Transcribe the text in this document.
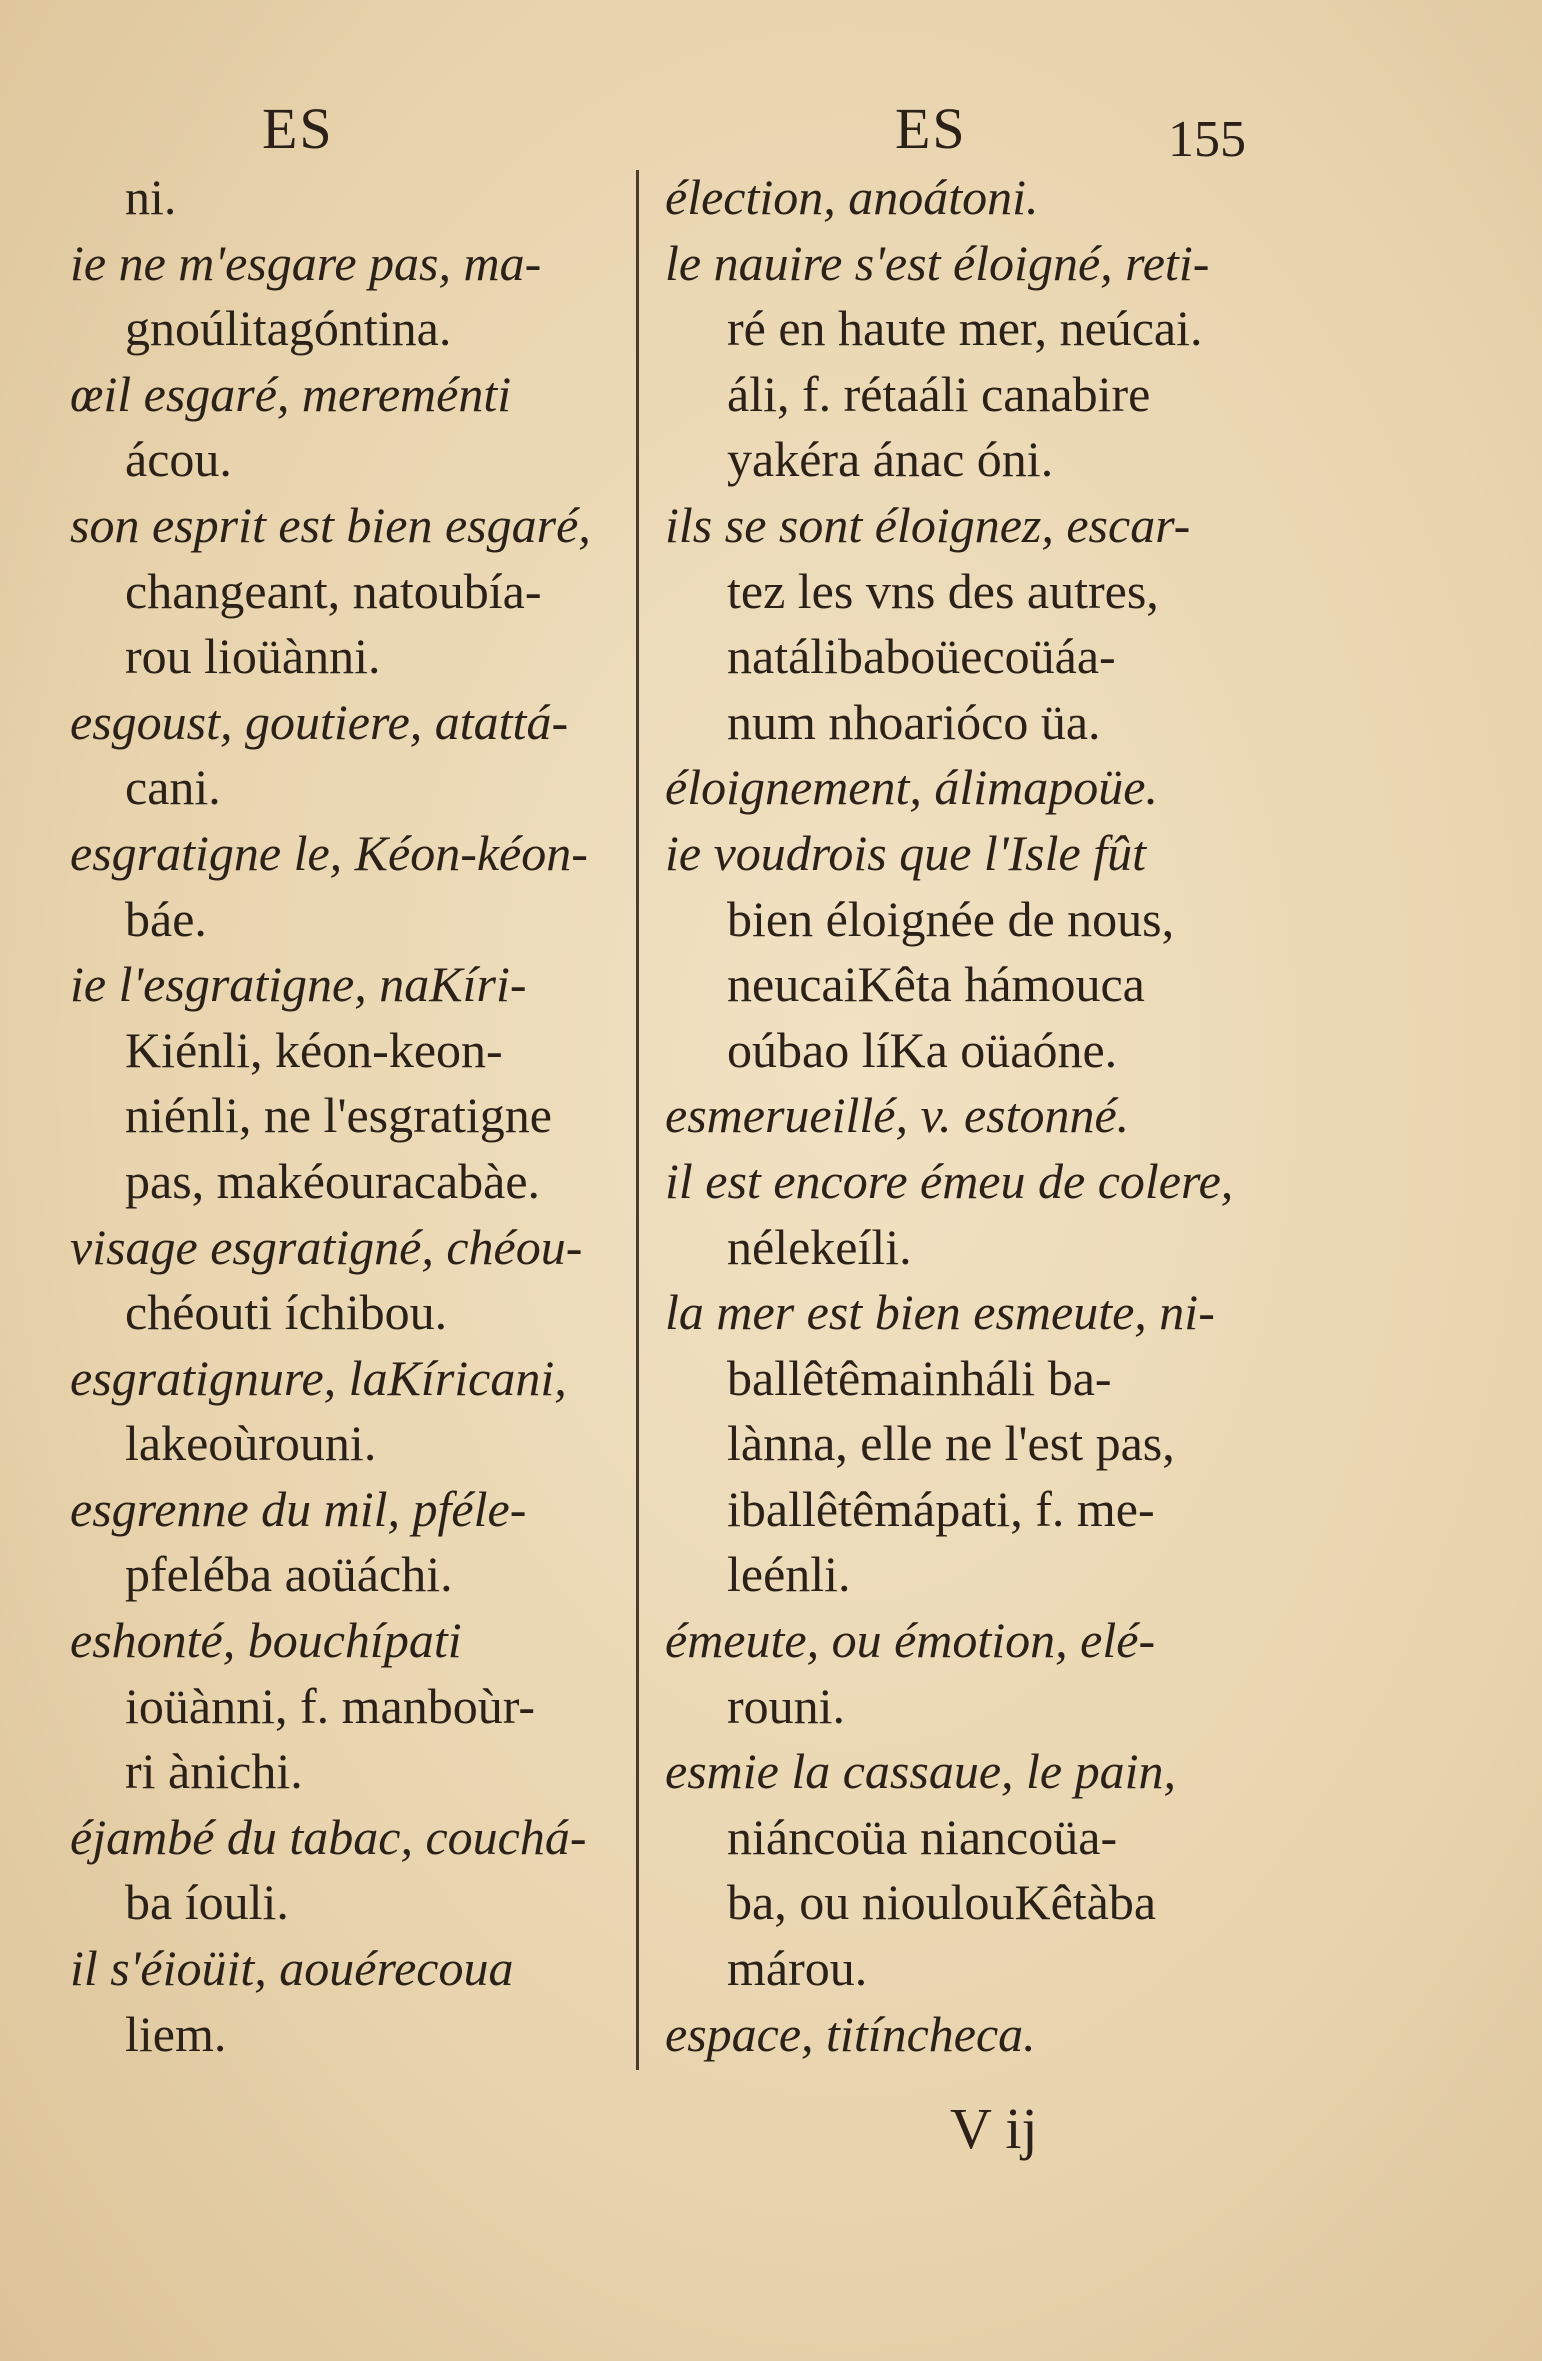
ES	ES	155
ni.
ie ne m'esgare pas, ma-
gnoúlitagóntina.
œil esgaré, mereménti
ácou.
son esprit est bien esgaré,
changeant, natoubía-
rou lioüànni.
esgoust, goutiere, atattá-
cani.
esgratigne le, Kéon-kéon-
báe.
ie l'esgratigne, naKíri-
Kiénli, kéon-keon-
niénli, ne l'esgratigne
pas, makéouracabàe.
visage esgratigné, chéou-
chéouti íchibou.
esgratignure, laKíricani,
lakeoùrouni.
esgrenne du mil, pféle-
pfeléba aoüáchi.
eshonté, bouchípati
ioüànni, f. manboùr-
ri ànichi.
éjambé du tabac, couchá-
ba íouli.
il s'éioüit, aouérecoua
liem.
élection, anoátoni.
le nauire s'est éloigné, reti-
ré en haute mer, neúcai.
áli, f. rétaáli canabire
yakéra ánac óni.
ils se sont éloignez, escar-
tez les vns des autres,
natálibaboüecoüáa-
num nhoarióco üa.
éloignement, álimapoüe.
ie voudrois que l'Isle fût
bien éloignée de nous,
neucaiKêta hámouca
oúbao líKa oüaóne.
esmerueillé, v. estonné.
il est encore émeu de colere,
nélekeíli.
la mer est bien esmeute, ni-
ballêtêmainháli ba-
lànna, elle ne l'est pas,
iballêtêmápati, f. me-
leénli.
émeute, ou émotion, elé-
rouni.
esmie la cassaue, le pain,
niáncoüa niancoüa-
ba, ou nioulouKêtàba
márou.
espace, titíncheca.
V ij
